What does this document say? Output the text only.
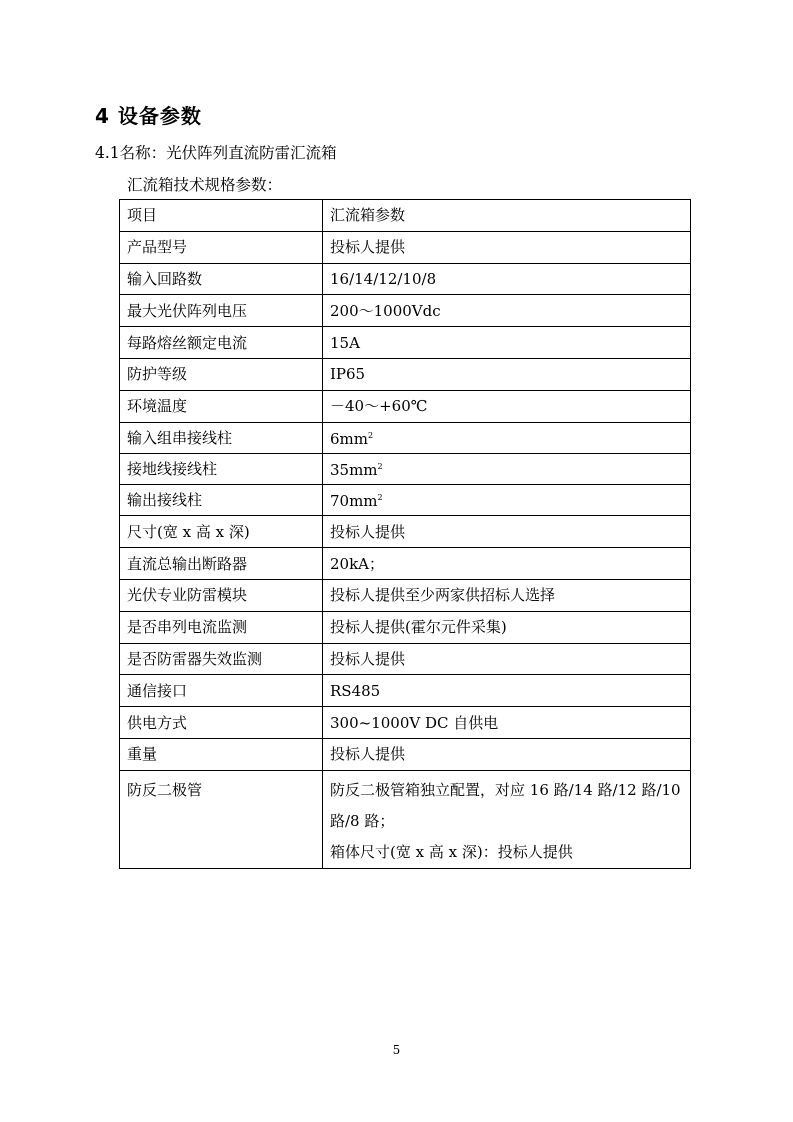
4 设备参数
4.1名称：光伏阵列直流防雷汇流箱
汇流箱技术规格参数：
项目	汇流箱参数
产品型号	投标人提供
输入回路数	16/14/12/10/8
最大光伏阵列电压	200～1000Vdc
每路熔丝额定电流	15A
防护等级	IP65
环境温度	－40～+60℃
输入组串接线柱	$6mm^2$
接地线接线柱	$35mm^2$
输出接线柱	$70mm^2$
尺寸(宽 x 高 x 深)	投标人提供
直流总输出断路器	20kA；
光伏专业防雷模块	投标人提供至少两家供招标人选择
是否串列电流监测	投标人提供(霍尔元件采集)
是否防雷器失效监测	投标人提供
通信接口	RS485
供电方式	300~1000V DC 自供电
重量	投标人提供
防反二极管	防反二极管箱独立配置，对应 16 路/14 路/12 路/10
路/8 路；
箱体尺寸(宽 x 高 x 深)：投标人提供
5
